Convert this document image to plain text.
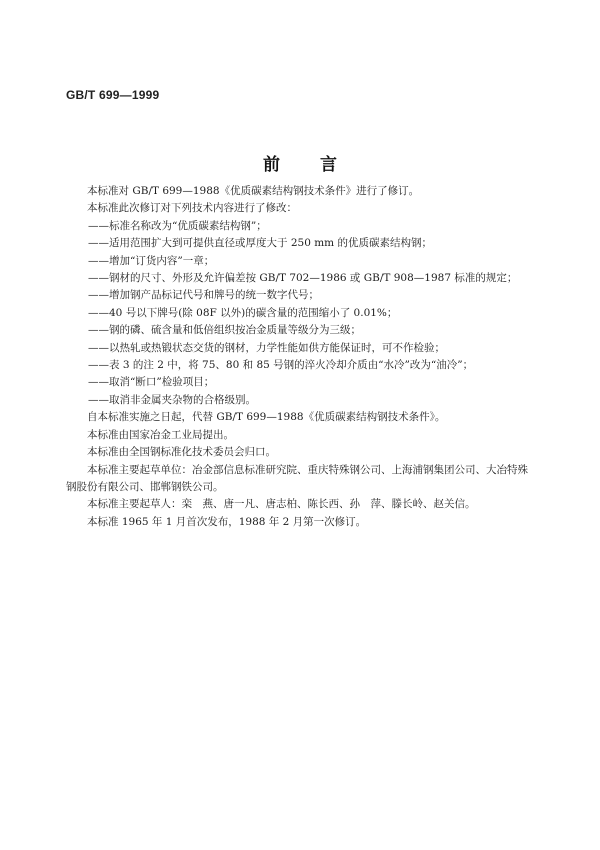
GB/T 699—1999
前言

本标准对 GB/T 699—1988《优质碳素结构钢技术条件》进行了修订。

本标准此次修订对下列技术内容进行了修改：

——标准名称改为“优质碳素结构钢”；

——适用范围扩大到可提供直径或厚度大于 250 mm 的优质碳素结构钢；

——增加“订货内容”一章；

——钢材的尺寸、外形及允许偏差按 GB/T 702—1986 或 GB/T 908—1987 标准的规定；

——增加钢产品标记代号和牌号的统一数字代号；

——40 号以下牌号(除 08F 以外)的碳含量的范围缩小了 0.01%；

——钢的磷、硫含量和低倍组织按冶金质量等级分为三级；

——以热轧或热锻状态交货的钢材，力学性能如供方能保证时，可不作检验；

——表 3 的注 2 中，将 75、80 和 85 号钢的淬火冷却介质由“水冷”改为“油冷”；

——取消“断口”检验项目；

——取消非金属夹杂物的合格级别。

自本标准实施之日起，代替 GB/T 699—1988《优质碳素结构钢技术条件》。

本标准由国家冶金工业局提出。

本标准由全国钢标准化技术委员会归口。

本标准主要起草单位：冶金部信息标准研究院、重庆特殊钢公司、上海浦钢集团公司、大冶特殊钢股份有限公司、邯郸钢铁公司。

本标准主要起草人：栾　燕、唐一凡、唐志柏、陈长西、孙　萍、滕长岭、赵关信。

本标准 1965 年 1 月首次发布，1988 年 2 月第一次修订。
